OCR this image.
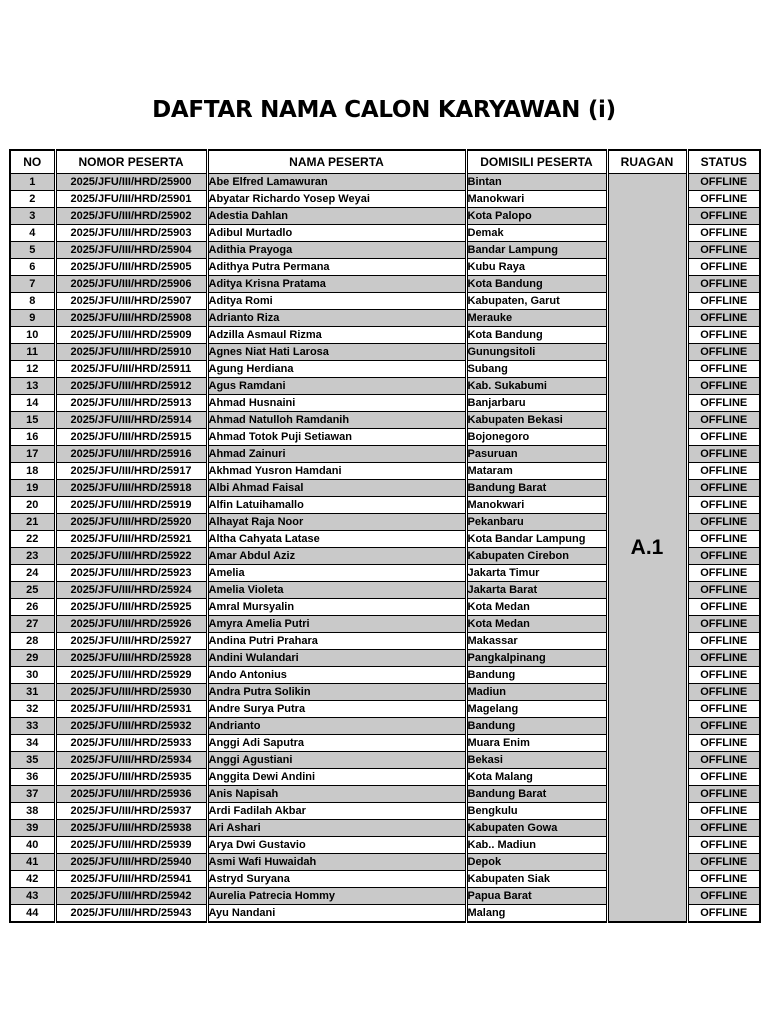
DAFTAR NAMA CALON KARYAWAN (i)
NO	NOMOR PESERTA	NAMA PESERTA	DOMISILI PESERTA	RUAGAN	STATUS
1	2025/JFU/III/HRD/25900	Abe Elfred Lamawuran	Bintan	A.1	OFFLINE
2	2025/JFU/III/HRD/25901	Abyatar Richardo Yosep Weyai	Manokwari		OFFLINE
3	2025/JFU/III/HRD/25902	Adestia Dahlan	Kota Palopo		OFFLINE
4	2025/JFU/III/HRD/25903	Adibul Murtadlo	Demak		OFFLINE
5	2025/JFU/III/HRD/25904	Adithia Prayoga	Bandar Lampung		OFFLINE
6	2025/JFU/III/HRD/25905	Adithya Putra Permana	Kubu Raya		OFFLINE
7	2025/JFU/III/HRD/25906	Aditya Krisna Pratama	Kota Bandung		OFFLINE
8	2025/JFU/III/HRD/25907	Aditya Romi	Kabupaten, Garut		OFFLINE
9	2025/JFU/III/HRD/25908	Adrianto Riza	Merauke		OFFLINE
10	2025/JFU/III/HRD/25909	Adzilla Asmaul Rizma	Kota Bandung		OFFLINE
11	2025/JFU/III/HRD/25910	Agnes Niat Hati Larosa	Gunungsitoli		OFFLINE
12	2025/JFU/III/HRD/25911	Agung Herdiana	Subang		OFFLINE
13	2025/JFU/III/HRD/25912	Agus Ramdani	Kab. Sukabumi		OFFLINE
14	2025/JFU/III/HRD/25913	Ahmad Husnaini	Banjarbaru		OFFLINE
15	2025/JFU/III/HRD/25914	Ahmad Natulloh Ramdanih	Kabupaten Bekasi		OFFLINE
16	2025/JFU/III/HRD/25915	Ahmad Totok Puji Setiawan	Bojonegoro		OFFLINE
17	2025/JFU/III/HRD/25916	Ahmad Zainuri	Pasuruan		OFFLINE
18	2025/JFU/III/HRD/25917	Akhmad Yusron Hamdani	Mataram		OFFLINE
19	2025/JFU/III/HRD/25918	Albi Ahmad Faisal	Bandung Barat		OFFLINE
20	2025/JFU/III/HRD/25919	Alfin Latuihamallo	Manokwari		OFFLINE
21	2025/JFU/III/HRD/25920	Alhayat Raja Noor	Pekanbaru		OFFLINE
22	2025/JFU/III/HRD/25921	Altha Cahyata Latase	Kota Bandar Lampung		OFFLINE
23	2025/JFU/III/HRD/25922	Amar Abdul Aziz	Kabupaten Cirebon		OFFLINE
24	2025/JFU/III/HRD/25923	Amelia	Jakarta Timur		OFFLINE
25	2025/JFU/III/HRD/25924	Amelia Violeta	Jakarta Barat		OFFLINE
26	2025/JFU/III/HRD/25925	Amral Mursyalin	Kota Medan		OFFLINE
27	2025/JFU/III/HRD/25926	Amyra Amelia Putri	Kota Medan		OFFLINE
28	2025/JFU/III/HRD/25927	Andina Putri Prahara	Makassar		OFFLINE
29	2025/JFU/III/HRD/25928	Andini Wulandari	Pangkalpinang		OFFLINE
30	2025/JFU/III/HRD/25929	Ando Antonius	Bandung		OFFLINE
31	2025/JFU/III/HRD/25930	Andra Putra Solikin	Madiun		OFFLINE
32	2025/JFU/III/HRD/25931	Andre Surya Putra	Magelang		OFFLINE
33	2025/JFU/III/HRD/25932	Andrianto	Bandung		OFFLINE
34	2025/JFU/III/HRD/25933	Anggi Adi Saputra	Muara Enim		OFFLINE
35	2025/JFU/III/HRD/25934	Anggi Agustiani	Bekasi		OFFLINE
36	2025/JFU/III/HRD/25935	Anggita Dewi Andini	Kota Malang		OFFLINE
37	2025/JFU/III/HRD/25936	Anis Napisah	Bandung Barat		OFFLINE
38	2025/JFU/III/HRD/25937	Ardi Fadilah Akbar	Bengkulu		OFFLINE
39	2025/JFU/III/HRD/25938	Ari Ashari	Kabupaten Gowa		OFFLINE
40	2025/JFU/III/HRD/25939	Arya Dwi Gustavio	Kab.. Madiun		OFFLINE
41	2025/JFU/III/HRD/25940	Asmi Wafi Huwaidah	Depok		OFFLINE
42	2025/JFU/III/HRD/25941	Astryd Suryana	Kabupaten Siak		OFFLINE
43	2025/JFU/III/HRD/25942	Aurelia Patrecia Hommy	Papua Barat		OFFLINE
44	2025/JFU/III/HRD/25943	Ayu Nandani	Malang		OFFLINE
